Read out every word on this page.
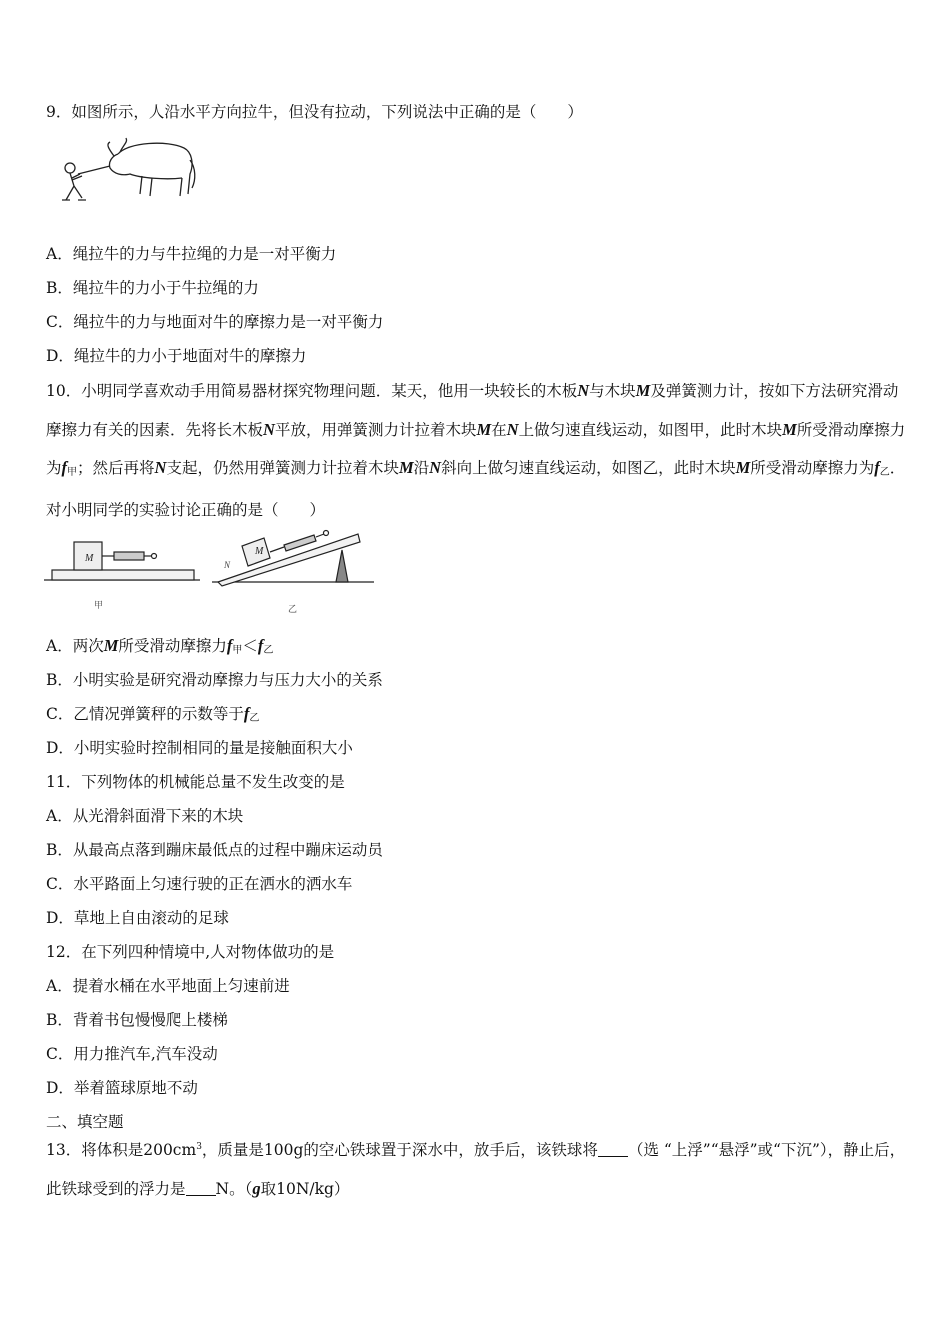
9．如图所示，人沿水平方向拉牛，但没有拉动，下列说法中正确的是（　　）
A．绳拉牛的力与牛拉绳的力是一对平衡力
B．绳拉牛的力小于牛拉绳的力
C．绳拉牛的力与地面对牛的摩擦力是一对平衡力
D．绳拉牛的力小于地面对牛的摩擦力
10．小明同学喜欢动手用简易器材探究物理问题．某天，他用一块较长的木板N与木块M及弹簧测力计，按如下方法研究滑动摩擦力有关的因素．先将长木板N平放，用弹簧测力计拉着木块M在N上做匀速直线运动，如图甲，此时木块M所受滑动摩擦力为$f_甲$；然后再将N支起，仍然用弹簧测力计拉着木块M沿N斜向上做匀速直线运动，如图乙，此时木块M所受滑动摩擦力为$f_乙$．对小明同学的实验讨论正确的是（　　）
M
甲
M
N
乙
A．两次M所受滑动摩擦力$f_甲<f_乙$
B．小明实验是研究滑动摩擦力与压力大小的关系
C．乙情况弹簧秤的示数等于$f_乙$
D．小明实验时控制相同的量是接触面积大小
11．下列物体的机械能总量不发生改变的是
A．从光滑斜面滑下来的木块
B．从最高点落到蹦床最低点的过程中蹦床运动员
C．水平路面上匀速行驶的正在洒水的洒水车
D．草地上自由滚动的足球
12．在下列四种情境中,人对物体做功的是
A．提着水桶在水平地面上匀速前进
B．背着书包慢慢爬上楼梯
C．用力推汽车,汽车没动
D．举着篮球原地不动
二、填空题
13．将体积是$200cm^3$，质量是100g的空心铁球置于深水中，放手后，该铁球将 （选 “上浮”“悬浮”或“下沉”），静止后，此铁球受到的浮力是 N。（g取10N/kg）
